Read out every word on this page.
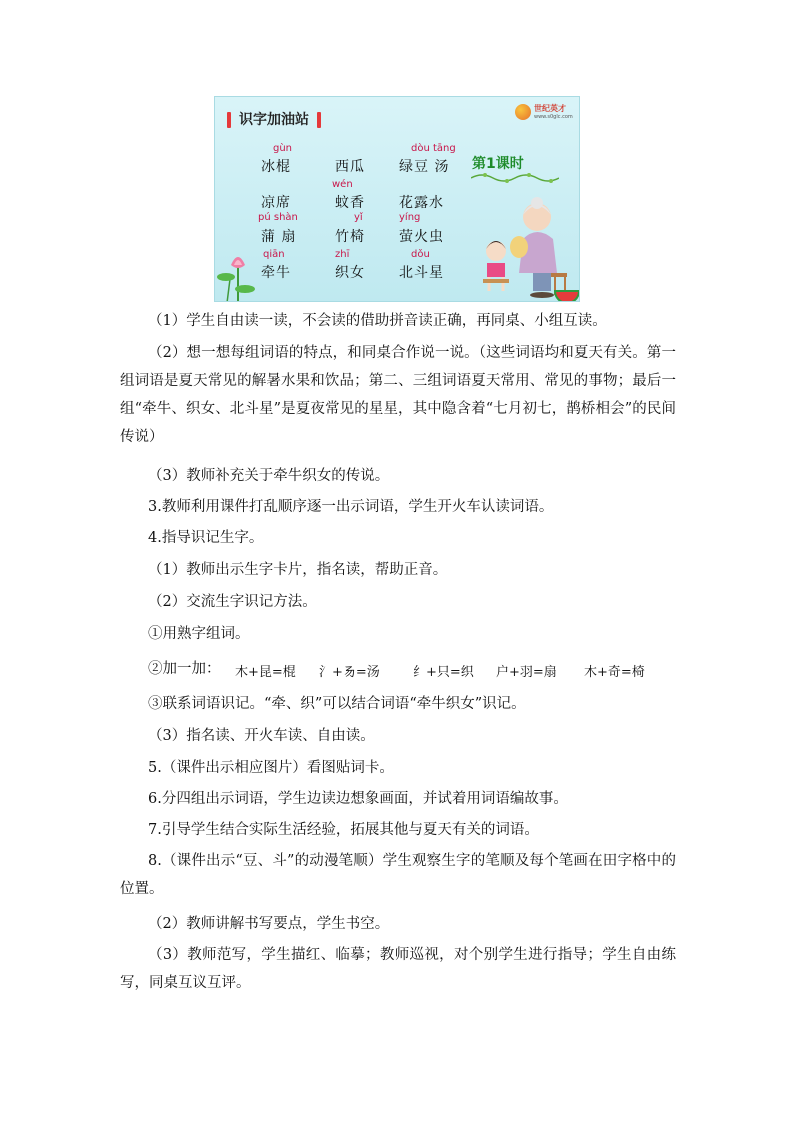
识字加油站
世纪英才
www.s0glc.com
第1课时
gùn	dòu tāng
wén
pú shàn	yǐ	yíng
qiān	zhī	dǒu
冰棍	西瓜 绿豆 汤
凉席	蚊香 花露水
蒲 扇	竹椅 萤火虫
牵牛	织女 北斗星
（1）学生自由读一读，不会读的借助拼音读正确，再同桌、小组互读。
（2）想一想每组词语的特点，和同桌合作说一说。（这些词语均和夏天有关。第一组词语是夏天常见的解暑水果和饮品；第二、三组词语夏天常用、常见的事物；最后一组“牵牛、织女、北斗星”是夏夜常见的星星，其中隐含着“七月初七，鹊桥相会”的民间传说）
（3）教师补充关于牵牛织女的传说。
3.教师利用课件打乱顺序逐一出示词语，学生开火车认读词语。
4.指导识记生字。
（1）教师出示生字卡片，指名读，帮助正音。
（2）交流生字识记方法。
①用熟字组词。
②加一加： 木+昆=棍 氵+𠃓=汤	纟+只=织 户+羽=扇 木+奇=椅
③联系词语识记。“牵、织”可以结合词语“牵牛织女”识记。
（3）指名读、开火车读、自由读。
5.（课件出示相应图片）看图贴词卡。
6.分四组出示词语，学生边读边想象画面，并试着用词语编故事。
7.引导学生结合实际生活经验，拓展其他与夏天有关的词语。
8.（课件出示“豆、斗”的动漫笔顺）学生观察生字的笔顺及每个笔画在田字格中的位置。
（2）教师讲解书写要点，学生书空。
（3）教师范写，学生描红、临摹；教师巡视，对个别学生进行指导；学生自由练写，同桌互议互评。
